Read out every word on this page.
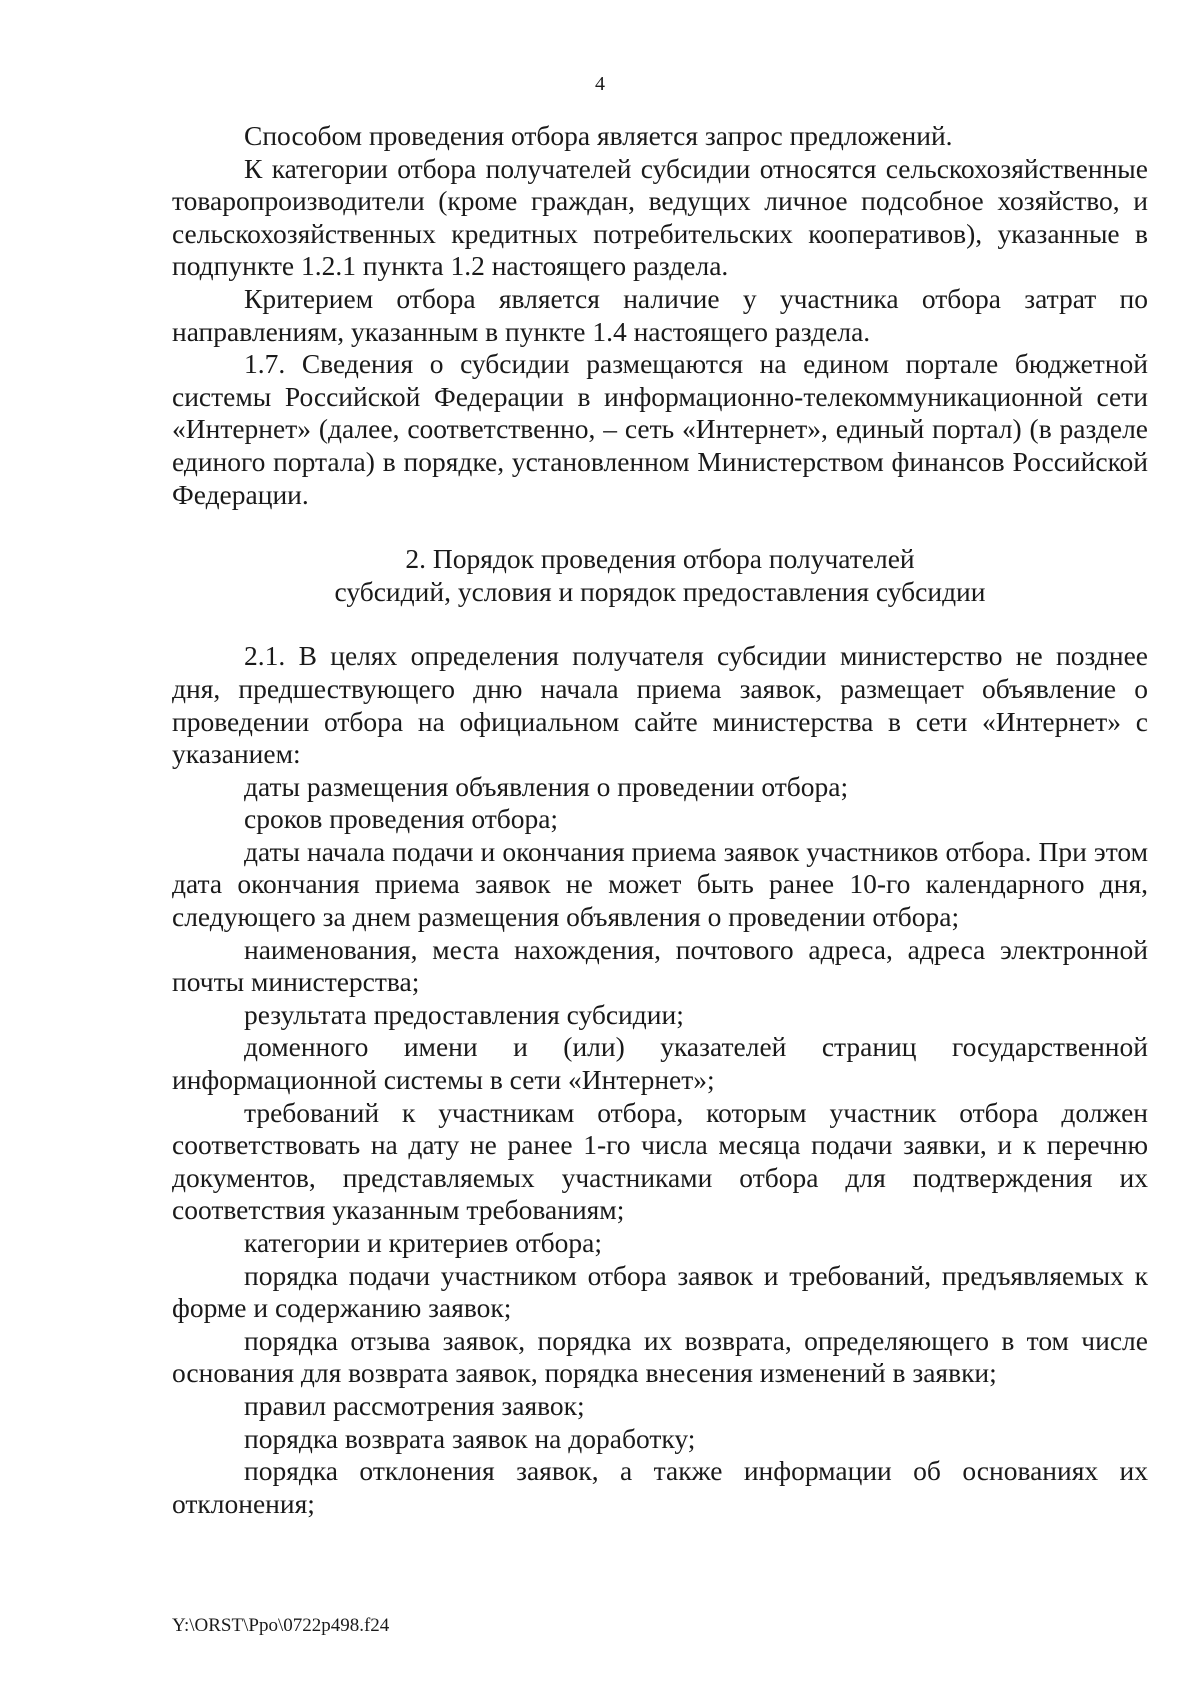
4

Способом проведения отбора является запрос предложений.

К категории отбора получателей субсидии относятся сельскохозяйственные товаропроизводители (кроме граждан, ведущих личное подсобное хозяйство, и сельскохозяйственных кредитных потребительских кооперативов), указанные в подпункте 1.2.1 пункта 1.2 настоящего раздела.

Критерием отбора является наличие у участника отбора затрат по направлениям, указанным в пункте 1.4 настоящего раздела.

1.7. Сведения о субсидии размещаются на едином портале бюджетной системы Российской Федерации в информационно-телекоммуникационной сети «Интернет» (далее, соответственно, – сеть «Интернет», единый портал) (в разделе единого портала) в порядке, установленном Министерством финансов Российской Федерации.

2. Порядок проведения отбора получателей
субсидий, условия и порядок предоставления субсидии

2.1. В целях определения получателя субсидии министерство не позднее дня, предшествующего дню начала приема заявок, размещает объявление о проведении отбора на официальном сайте министерства в сети «Интернет» с указанием:

даты размещения объявления о проведении отбора;

сроков проведения отбора;

даты начала подачи и окончания приема заявок участников отбора. При этом дата окончания приема заявок не может быть ранее 10-го календарного дня, следующего за днем размещения объявления о проведении отбора;

наименования, места нахождения, почтового адреса, адреса электронной почты министерства;

результата предоставления субсидии;

доменного имени и (или) указателей страниц государственной информационной системы в сети «Интернет»;

требований к участникам отбора, которым участник отбора должен соответствовать на дату не ранее 1-го числа месяца подачи заявки, и к перечню документов, представляемых участниками отбора для подтверждения их соответствия указанным требованиям;

категории и критериев отбора;

порядка подачи участником отбора заявок и требований, предъявляемых к форме и содержанию заявок;

порядка отзыва заявок, порядка их возврата, определяющего в том числе основания для возврата заявок, порядка внесения изменений в заявки;

правил рассмотрения заявок;

порядка возврата заявок на доработку;

порядка отклонения заявок, а также информации об основаниях их отклонения;

Y:\ORST\Ppo\0722p498.f24
